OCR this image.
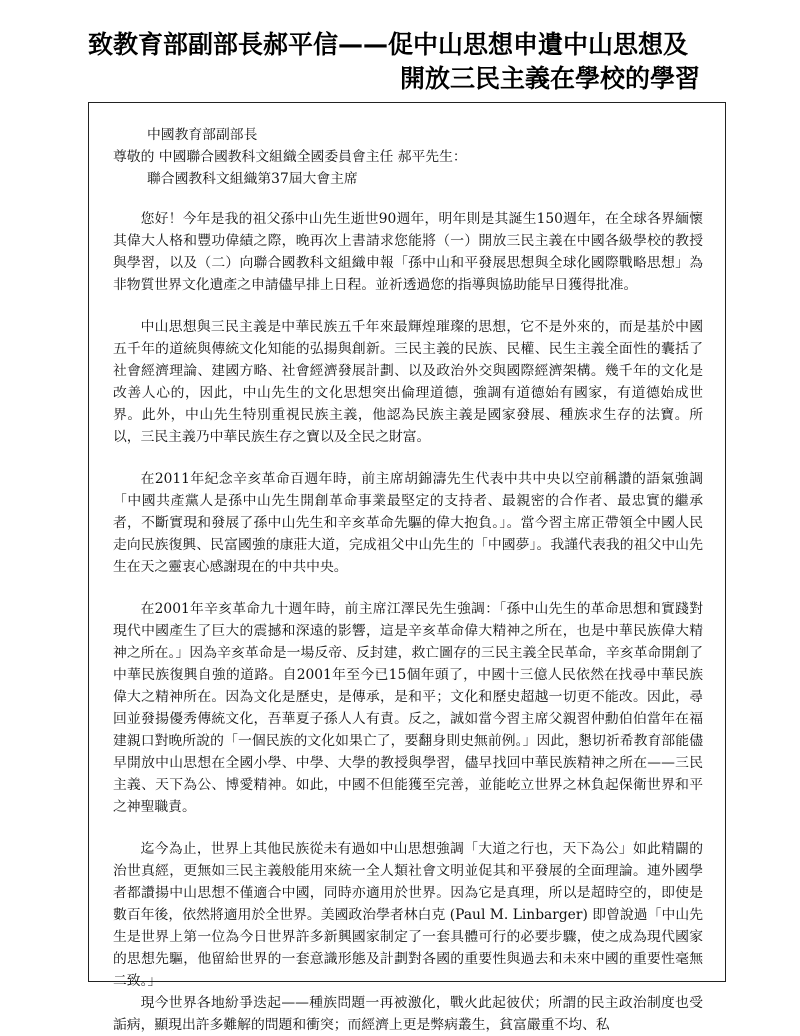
致教育部副部長郝平信——促中山思想申遺中山思想及
開放三民主義在學校的學習
中國教育部副部長
尊敬的 中國聯合國教科文組織全國委員會主任 郝平先生：
聯合國教科文組織第37屆大會主席

您好！今年是我的祖父孫中山先生逝世90週年，明年則是其誕生150週年，在全球各界緬懷其偉大人格和豐功偉績之際，晚再次上書請求您能將（一）開放三民主義在中國各級學校的教授與學習，以及（二）向聯合國教科文組織申報「孫中山和平發展思想與全球化國際戰略思想」為非物質世界文化遺產之申請儘早排上日程。並祈透過您的指導與協助能早日獲得批准。

中山思想與三民主義是中華民族五千年來最輝煌璀璨的思想，它不是外來的，而是基於中國五千年的道統與傳統文化知能的弘揚與創新。三民主義的民族、民權、民生主義全面性的囊括了社會經濟理論、建國方略、社會經濟發展計劃、以及政治外交與國際經濟架構。幾千年的文化是改善人心的，因此，中山先生的文化思想突出倫理道德，強調有道德始有國家，有道德始成世界。此外，中山先生特別重視民族主義，他認為民族主義是國家發展、種族求生存的法寶。所以，三民主義乃中華民族生存之寶以及全民之財富。

在2011年紀念辛亥革命百週年時，前主席胡錦濤先生代表中共中央以空前稱讚的語氣強調「中國共產黨人是孫中山先生開創革命事業最堅定的支持者、最親密的合作者、最忠實的繼承者，不斷實現和發展了孫中山先生和辛亥革命先驅的偉大抱負。」。當今習主席正帶領全中國人民走向民族復興、民富國強的康莊大道，完成祖父中山先生的「中國夢」。我謹代表我的祖父中山先生在天之靈衷心感謝現在的中共中央。

在2001年辛亥革命九十週年時，前主席江澤民先生強調：「孫中山先生的革命思想和實踐對現代中國產生了巨大的震撼和深遠的影響，這是辛亥革命偉大精神之所在，也是中華民族偉大精神之所在。」因為辛亥革命是一場反帝、反封建，救亡圖存的三民主義全民革命，辛亥革命開創了中華民族復興自強的道路。自2001年至今已15個年頭了，中國十三億人民依然在找尋中華民族偉大之精神所在。因為文化是歷史，是傳承，是和平；文化和歷史超越一切更不能改。因此，尋回並發揚優秀傳統文化，吾華夏子孫人人有責。反之，誠如當今習主席父親習仲勳伯伯當年在福建親口對晚所說的「一個民族的文化如果亡了，要翻身則史無前例。」因此，懇切祈希教育部能儘早開放中山思想在全國小學、中學、大學的教授與學習，儘早找回中華民族精神之所在——三民主義、天下為公、博愛精神。如此，中國不但能獲至完善，並能屹立世界之林負起保衛世界和平之神聖職責。

迄今為止，世界上其他民族從未有過如中山思想強調「大道之行也，天下為公」如此精闢的治世真經，更無如三民主義般能用來統一全人類社會文明並促其和平發展的全面理論。連外國學者都讚揚中山思想不僅適合中國，同時亦適用於世界。因為它是真理，所以是超時空的，即使是數百年後，依然將適用於全世界。美國政治學者林白克 (Paul M. Linbarger) 即曾說過「中山先生是世界上第一位為今日世界許多新興國家制定了一套具體可行的必要步驟，使之成為現代國家的思想先驅，他留給世界的一套意識形態及計劃對各國的重要性與過去和未來中國的重要性毫無二致。」

現今世界各地紛爭迭起——種族問題一再被激化，戰火此起彼伏；所謂的民主政治制度也受詬病，顯現出許多難解的問題和衝突；而經濟上更是弊病叢生，貧富嚴重不均、私
